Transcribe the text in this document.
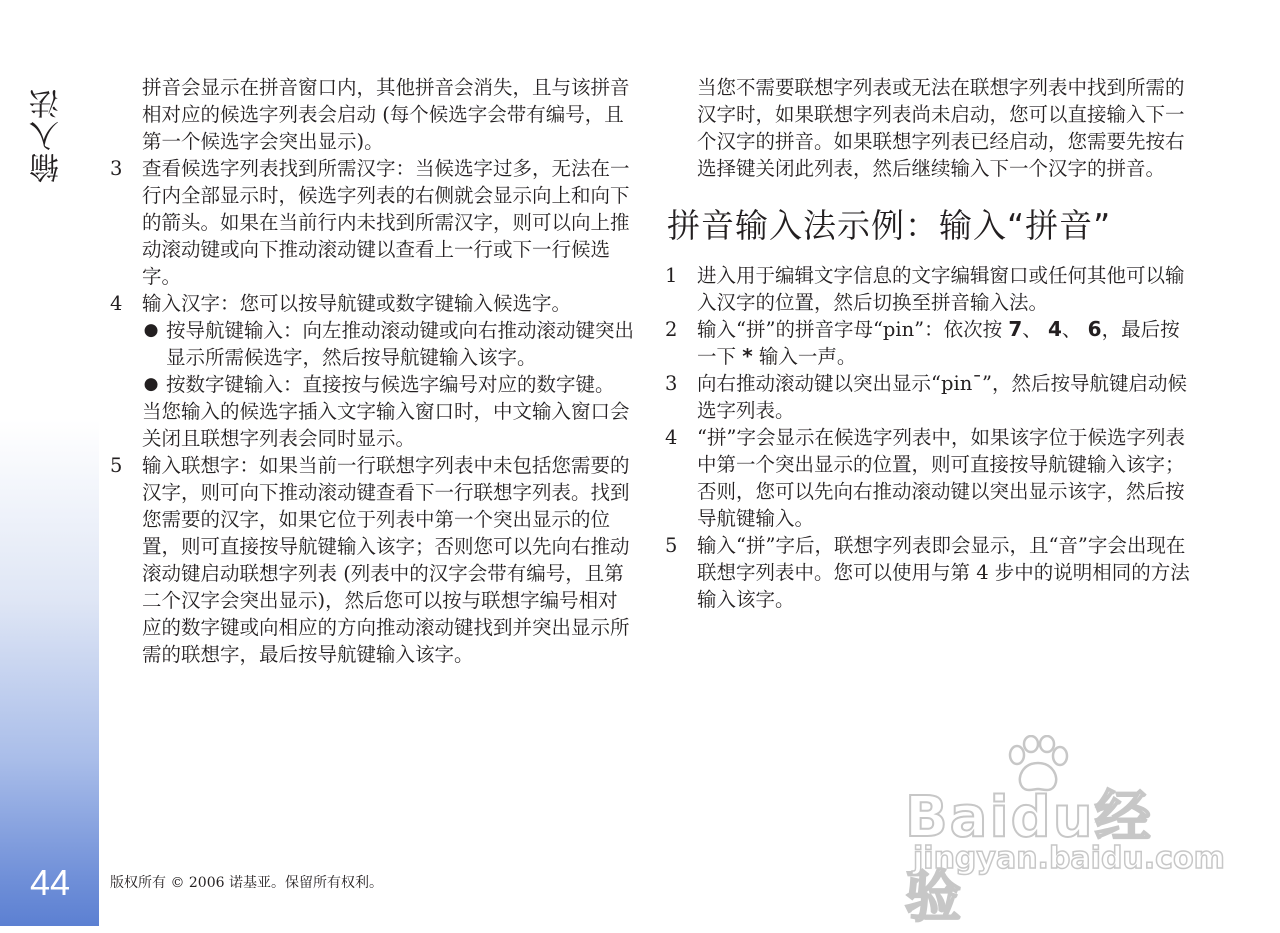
输入法
44

拼音会显示在拼音窗口内，其他拼音会消失，且与该拼音相对应的候选字列表会启动 (每个候选字会带有编号，且第一个候选字会突出显示)。

3	查看候选字列表找到所需汉字：当候选字过多，无法在一行内全部显示时，候选字列表的右侧就会显示向上和向下的箭头。如果在当前行内未找到所需汉字，则可以向上推动滚动键或向下推动滚动键以查看上一行或下一行候选字。
4	输入汉字：您可以按导航键或数字键输入候选字。
● 按导航键输入：向左推动滚动键或向右推动滚动键突出显示所需候选字，然后按导航键输入该字。
● 按数字键输入：直接按与候选字编号对应的数字键。

当您输入的候选字插入文字输入窗口时，中文输入窗口会关闭且联想字列表会同时显示。

5	输入联想字：如果当前一行联想字列表中未包括您需要的汉字，则可向下推动滚动键查看下一行联想字列表。找到您需要的汉字，如果它位于列表中第一个突出显示的位置，则可直接按导航键输入该字；否则您可以先向右推动滚动键启动联想字列表 (列表中的汉字会带有编号，且第二个汉字会突出显示)，然后您可以按与联想字编号相对应的数字键或向相应的方向推动滚动键找到并突出显示所需的联想字，最后按导航键输入该字。

当您不需要联想字列表或无法在联想字列表中找到所需的汉字时，如果联想字列表尚未启动，您可以直接输入下一个汉字的拼音。如果联想字列表已经启动，您需要先按右选择键关闭此列表，然后继续输入下一个汉字的拼音。

拼音输入法示例：输入“拼音”
1	进入用于编辑文字信息的文字编辑窗口或任何其他可以输入汉字的位置，然后切换至拼音输入法。
2	输入“拼”的拼音字母“pin”：依次按 7、 4、 6，最后按一下 * 输入一声。
3	向右推动滚动键以突出显示“pin¯”，然后按导航键启动候选字列表。
4	“拼”字会显示在候选字列表中，如果该字位于候选字列表中第一个突出显示的位置，则可直接按导航键输入该字；否则，您可以先向右推动滚动键以突出显示该字，然后按导航键输入。
5	输入“拼”字后，联想字列表即会显示，且“音”字会出现在联想字列表中。您可以使用与第 4 步中的说明相同的方法输入该字。
版权所有 © 2006 诺基亚。保留所有权利。
Baidu经验
jingyan.baidu.com
